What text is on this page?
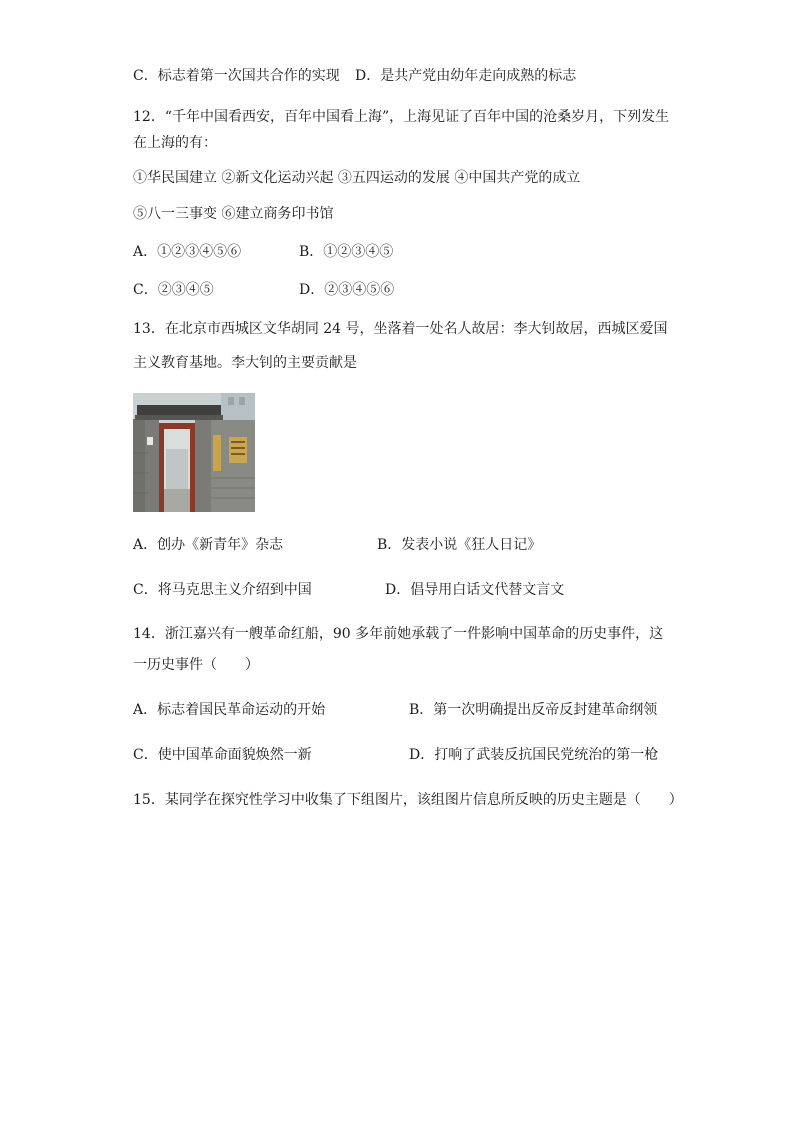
C．标志着第一次国共合作的实现 D．是共产党由幼年走向成熟的标志
12．“千年中国看西安，百年中国看上海”，上海见证了百年中国的沧桑岁月，下列发生
在上海的有：
①华民国建立 ②新文化运动兴起 ③五四运动的发展 ④中国共产党的成立
⑤八一三事变 ⑥建立商务印书馆
A．①②③④⑤⑥	B．①②③④⑤
C．②③④⑤	D．②③④⑤⑥
13．在北京市西城区文华胡同 24 号，坐落着一处名人故居：李大钊故居，西城区爱国
主义教育基地。李大钊的主要贡献是
A．创办《新青年》杂志	B．发表小说《狂人日记》
C．将马克思主义介绍到中国	D．倡导用白话文代替文言文
14．浙江嘉兴有一艘革命红船，90 多年前她承载了一件影响中国革命的历史事件，这
一历史事件（　　）
A．标志着国民革命运动的开始	B．第一次明确提出反帝反封建革命纲领
C．使中国革命面貌焕然一新	D．打响了武装反抗国民党统治的第一枪
15．某同学在探究性学习中收集了下组图片，该组图片信息所反映的历史主题是（　　）
